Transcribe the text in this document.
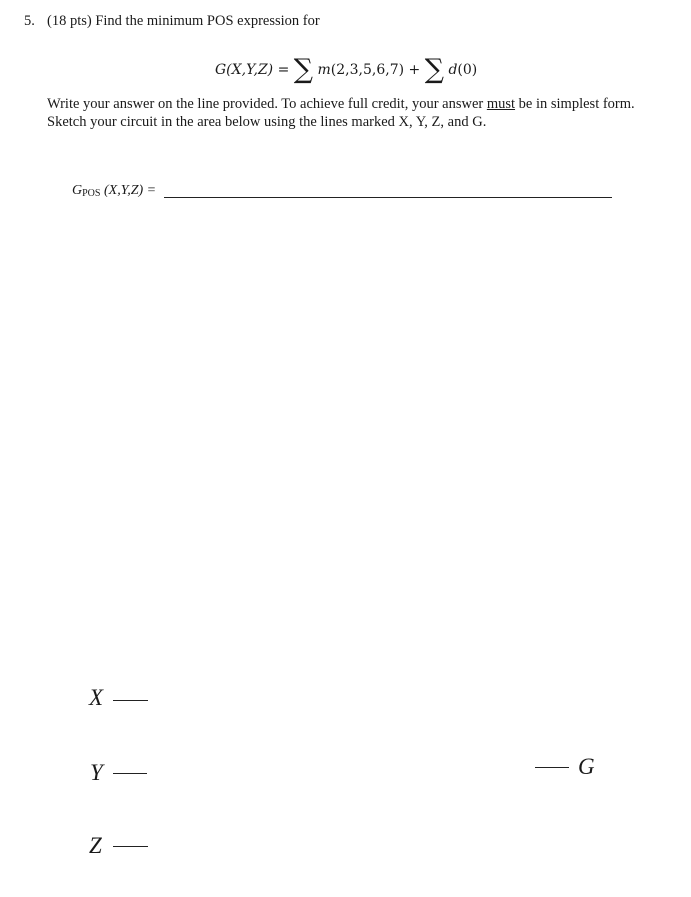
5. (18 pts) Find the minimum POS expression for
G(X,Y,Z) = ∑ m(2,3,5,6,7) + ∑ d(0)
Write your answer on the line provided. To achieve full credit, your answer must be in simplest form.
Sketch your circuit in the area below using the lines marked X, Y, Z, and G.
$G_{POS}$ (X,Y,Z) =
X
Y
Z
G
